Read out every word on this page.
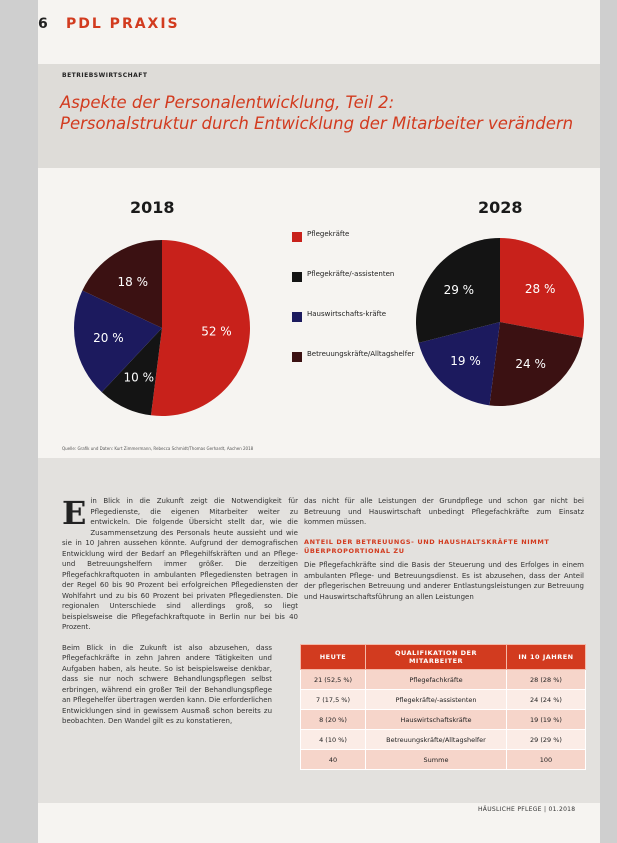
6 PDL PRAXIS
BETRIEBSWIRTSCHAFT
Aspekte der Personalentwicklung, Teil 2:
Personalstruktur durch Entwicklung der Mitarbeiter verändern
2018	2028
52 %
10 %
20 %
18 %	28 %
24 %
19 %
29 %
Pflegekräfte
Pflegekräfte/-assistenten
Hauswirtschafts-kräfte
Betreuungskräfte/Alltagshelfer
Quelle: Grafik und Daten: Kurt Zimmermann, Rebecca Schmidt/Thomas Gerhardt, Aachen 2018
E in Blick in die Zukunft zeigt die Notwendigkeit für Pflegedienste, die eigenen Mitarbeiter weiter zu entwickeln. Die folgende Übersicht stellt dar, wie die Zusammensetzung des Personals heute aussieht und wie sie in 10 Jahren aussehen könnte. Aufgrund der demografischen Entwicklung wird der Bedarf an Pflegehilfskräften und an Pflege- und Betreuungshelfern immer größer. Die derzeitigen Pflegefachkraftquoten in ambulanten Pflegediensten betragen in der Regel 60 bis 90 Prozent bei erfolgreichen Pflegediensten der Wohlfahrt und zu bis 60 Prozent bei privaten Pflegediensten. Die regionalen Unterschiede sind allerdings groß, so liegt beispielsweise die Pflegefachkraftquote in Berlin nur bei bis 40 Prozent.
Beim Blick in die Zukunft ist also abzusehen, dass Pflegefachkräfte in zehn Jahren andere Tätigkeiten und Aufgaben haben, als heute. So ist beispielsweise denkbar, dass sie nur noch schwere Behandlungspflegen selbst erbringen, während ein großer Teil der Behandlungspflege an Pflegehelfer übertragen werden kann. Die erforderlichen Entwicklungen sind in gewissem Ausmaß schon bereits zu beobachten. Den Wandel gilt es zu konstatieren,
das nicht für alle Leistungen der Grundpflege und schon gar nicht bei Betreuung und Hauswirtschaft unbedingt Pflegefachkräfte zum Einsatz kommen müssen.
ANTEIL DER BETREUUNGS- UND HAUSHALTSKRÄFTE NIMMT ÜBERPROPORTIONAL ZU
Die Pflegefachkräfte sind die Basis der Steuerung und des Erfolges in einem ambulanten Pflege- und Betreuungsdienst. Es ist abzusehen, dass der Anteil der pflegerischen Betreuung und anderer Entlastungsleistungen zur Betreuung und Hauswirtschaftsführung an allen Leistungen
HEUTE	QUALIFIKATION DER MITARBEITER	IN 10 JAHREN
21 (52,5 %)	Pflegefachkräfte	28 (28 %)
7 (17,5 %)	Pflegekräfte/-assistenten	24 (24 %)
8 (20 %)	Hauswirtschaftskräfte	19 (19 %)
4 (10 %)	Betreuungskräfte/Alltagshelfer	29 (29 %)
40	Summe	100
HÄUSLICHE PFLEGE | 01.2018
